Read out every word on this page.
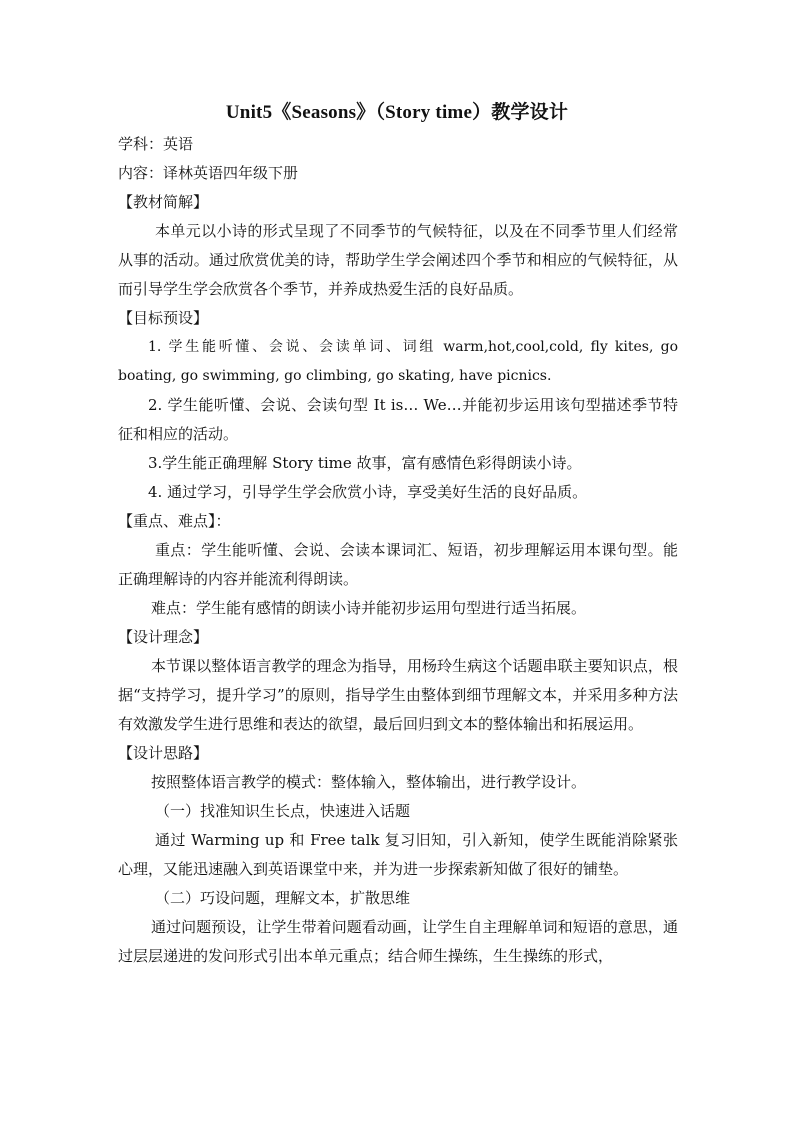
Unit5《Seasons》（Story time）教学设计

学科：英语

内容：译林英语四年级下册

【教材简解】

本单元以小诗的形式呈现了不同季节的气候特征，以及在不同季节里人们经常从事的活动。通过欣赏优美的诗，帮助学生学会阐述四个季节和相应的气候特征，从而引导学生学会欣赏各个季节，并养成热爱生活的良好品质。

【目标预设】

1. 学生能听懂、会说、会读单词、词组 warm,hot,cool,cold, fly kites, go boating, go swimming, go climbing, go skating, have picnics.

2. 学生能听懂、会说、会读句型 It is… We…并能初步运用该句型描述季节特征和相应的活动。

3.学生能正确理解 Story time 故事，富有感情色彩得朗读小诗。

4. 通过学习，引导学生学会欣赏小诗，享受美好生活的良好品质。

【重点、难点】：

重点：学生能听懂、会说、会读本课词汇、短语，初步理解运用本课句型。能正确理解诗的内容并能流利得朗读。

难点：学生能有感情的朗读小诗并能初步运用句型进行适当拓展。

【设计理念】

本节课以整体语言教学的理念为指导，用杨玲生病这个话题串联主要知识点，根据“支持学习，提升学习”的原则，指导学生由整体到细节理解文本，并采用多种方法有效激发学生进行思维和表达的欲望，最后回归到文本的整体输出和拓展运用。

【设计思路】

按照整体语言教学的模式：整体输入，整体输出，进行教学设计。

（一）找准知识生长点，快速进入话题

通过 Warming up 和 Free talk 复习旧知，引入新知，使学生既能消除紧张心理，又能迅速融入到英语课堂中来，并为进一步探索新知做了很好的铺垫。

（二）巧设问题，理解文本，扩散思维

通过问题预设，让学生带着问题看动画，让学生自主理解单词和短语的意思，通过层层递进的发问形式引出本单元重点；结合师生操练，生生操练的形式，
